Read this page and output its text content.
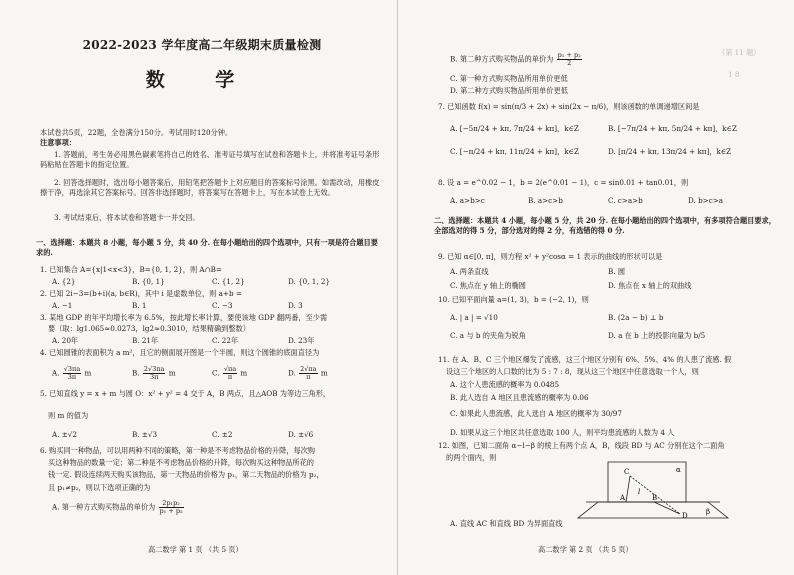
2022-2023 学年度高二年级期末质量检测
数 学
本试卷共5页，22题，全卷满分150分。考试用时120分钟。
注意事项：
1. 答题前，考生务必用黑色碳素笔将自己的姓名、准考证号填写在试卷和答题卡上，并将准考证号条形码粘贴在答题卡的指定位置。
2. 回答选择题时，选出每小题答案后，用铅笔把答题卡上对应题目的答案标号涂黑。如需改动，用橡皮擦干净，再选涂其它答案标号。回答非选择题时，将答案写在答题卡上，写在本试卷上无效。
3. 考试结束后，将本试卷和答题卡一并交回。
一、选择题：本题共 8 小题，每小题 5 分，共 40 分. 在每小题给出的四个选项中，只有一项是符合题目要求的.
1. 已知集合 A={x|1<x<3}，B={0, 1, 2}，则 A∩B=
A. {2}	B. {0, 1}	C. {1, 2}	D. {0, 1, 2}
2. 已知 2i−3=(b+i)(a, b∈R)，其中 i 是虚数单位，则 a+b =
A. −1	B. 1	C. −3	D. 3
3. 某地 GDP 的年平均增长率为 6.5%，按此增长率计算，要使该地 GDP 翻两番，至少需
要（取：lg1.065≈0.0273，lg2≈0.3010，结果精确到整数）
A. 20年	B. 21年	C. 22年	D. 23年
4. 已知圆锥的表面积为 a m²，且它的侧面展开图是一个半圆，则这个圆锥的底面直径为
A. $\frac{√3\pi a}{3\pi}$ m	B. $\frac{2√3\pi a}{3\pi}$ m	C. $\frac{√\pi a}{\pi}$ m	D. $\frac{2√\pi a}{\pi}$ m
5. 已知直线 y = x + m 与圆 O：x² + y² = 4 交于 A，B 两点，且△AOB 为等边三角形，
则 m 的值为
A. ±√2	B. ±√3	C. ±2	D. ±√6
6. 购买同一种物品，可以用两种不同的策略，第一种是不考虑物品价格的升降，每次购
买这种物品的数量一定；第二种是不考虑物品价格的升降，每次购买这种物品所花的
钱一定. 假设连续两天购买该物品，第一天物品的价格为 p₁，第二天物品的价格为 p₂，
且 p₁≠p₂，则以下选项正确的为
A. 第一种方式购买物品的单价为 $\frac{\text{2p₁p₂}}{\text{p₁ + p₂}}$
高二数学 第 1 页 （共 5 页）
（第 11 题）
1 8
B. 第二种方式购买物品的单价为 $\frac{\text{p₁ + p₂}}{2}$
C. 第一种方式购买物品所用单价更低
D. 第二种方式购买物品所用单价更低
7. 已知函数 f(x) = sin(π/3 + 2x) + sin(2x − π/6)，则该函数的单调递增区间是
A. [−5π/24 + kπ, 7π/24 + kπ]，k∈Z	B. [−7π/24 + kπ, 5π/24 + kπ]，k∈Z
C. [−π/24 + kπ, 11π/24 + kπ]，k∈Z	D. [π/24 + kπ, 13π/24 + kπ]，k∈Z
8. 设 a = e^0.02 − 1，b = 2(e^0.01 − 1)，c = sin0.01 + tan0.01，则
A. a>b>c	B. a>c>b	C. c>a>b	D. b>c>a
二、选择题：本题共 4 小题，每小题 5 分，共 20 分. 在每小题给出的四个选项中，有多项符合题目要求，全部选对的得 5 分，部分选对的得 2 分，有选错的得 0 分.
9. 已知 α∈[0, π]，则方程 x² + y²cosα = 1 表示的曲线的形状可以是
A. 两条直线	B. 圆
C. 焦点在 y 轴上的椭圆	D. 焦点在 x 轴上的双曲线
10. 已知平面向量 a=(1, 3)，b = (−2, 1)，则
A. | a | = √10	B. (2a − b) ⊥ b
C. a 与 b 的夹角为锐角	D. a 在 b 上的投影向量为 b/5
11. 在 A、B、C 三个地区爆发了流感，这三个地区分别有 6%、5%、4% 的人患了流感. 假
设这三个地区的人口数的比为 5 : 7 : 8，现从这三个地区中任意选取一个人，则
A. 这个人患流感的概率为 0.0485
B. 此人选自 A 地区且患流感的概率为 0.06
C. 如果此人患流感，此人选自 A 地区的概率为 30/97
D. 如果从这三个地区共任意选取 100 人，则平均患流感的人数为 4 人
12. 如图，已知二面角 α−l−β 的棱上有两个点 A，B，线段 BD 与 AC 分别在这个二面角
的两个面内，则
C
A
l
B
D
α
β
A. 直线 AC 和直线 BD 为异面直线
高二数学 第 2 页 （共 5 页）
